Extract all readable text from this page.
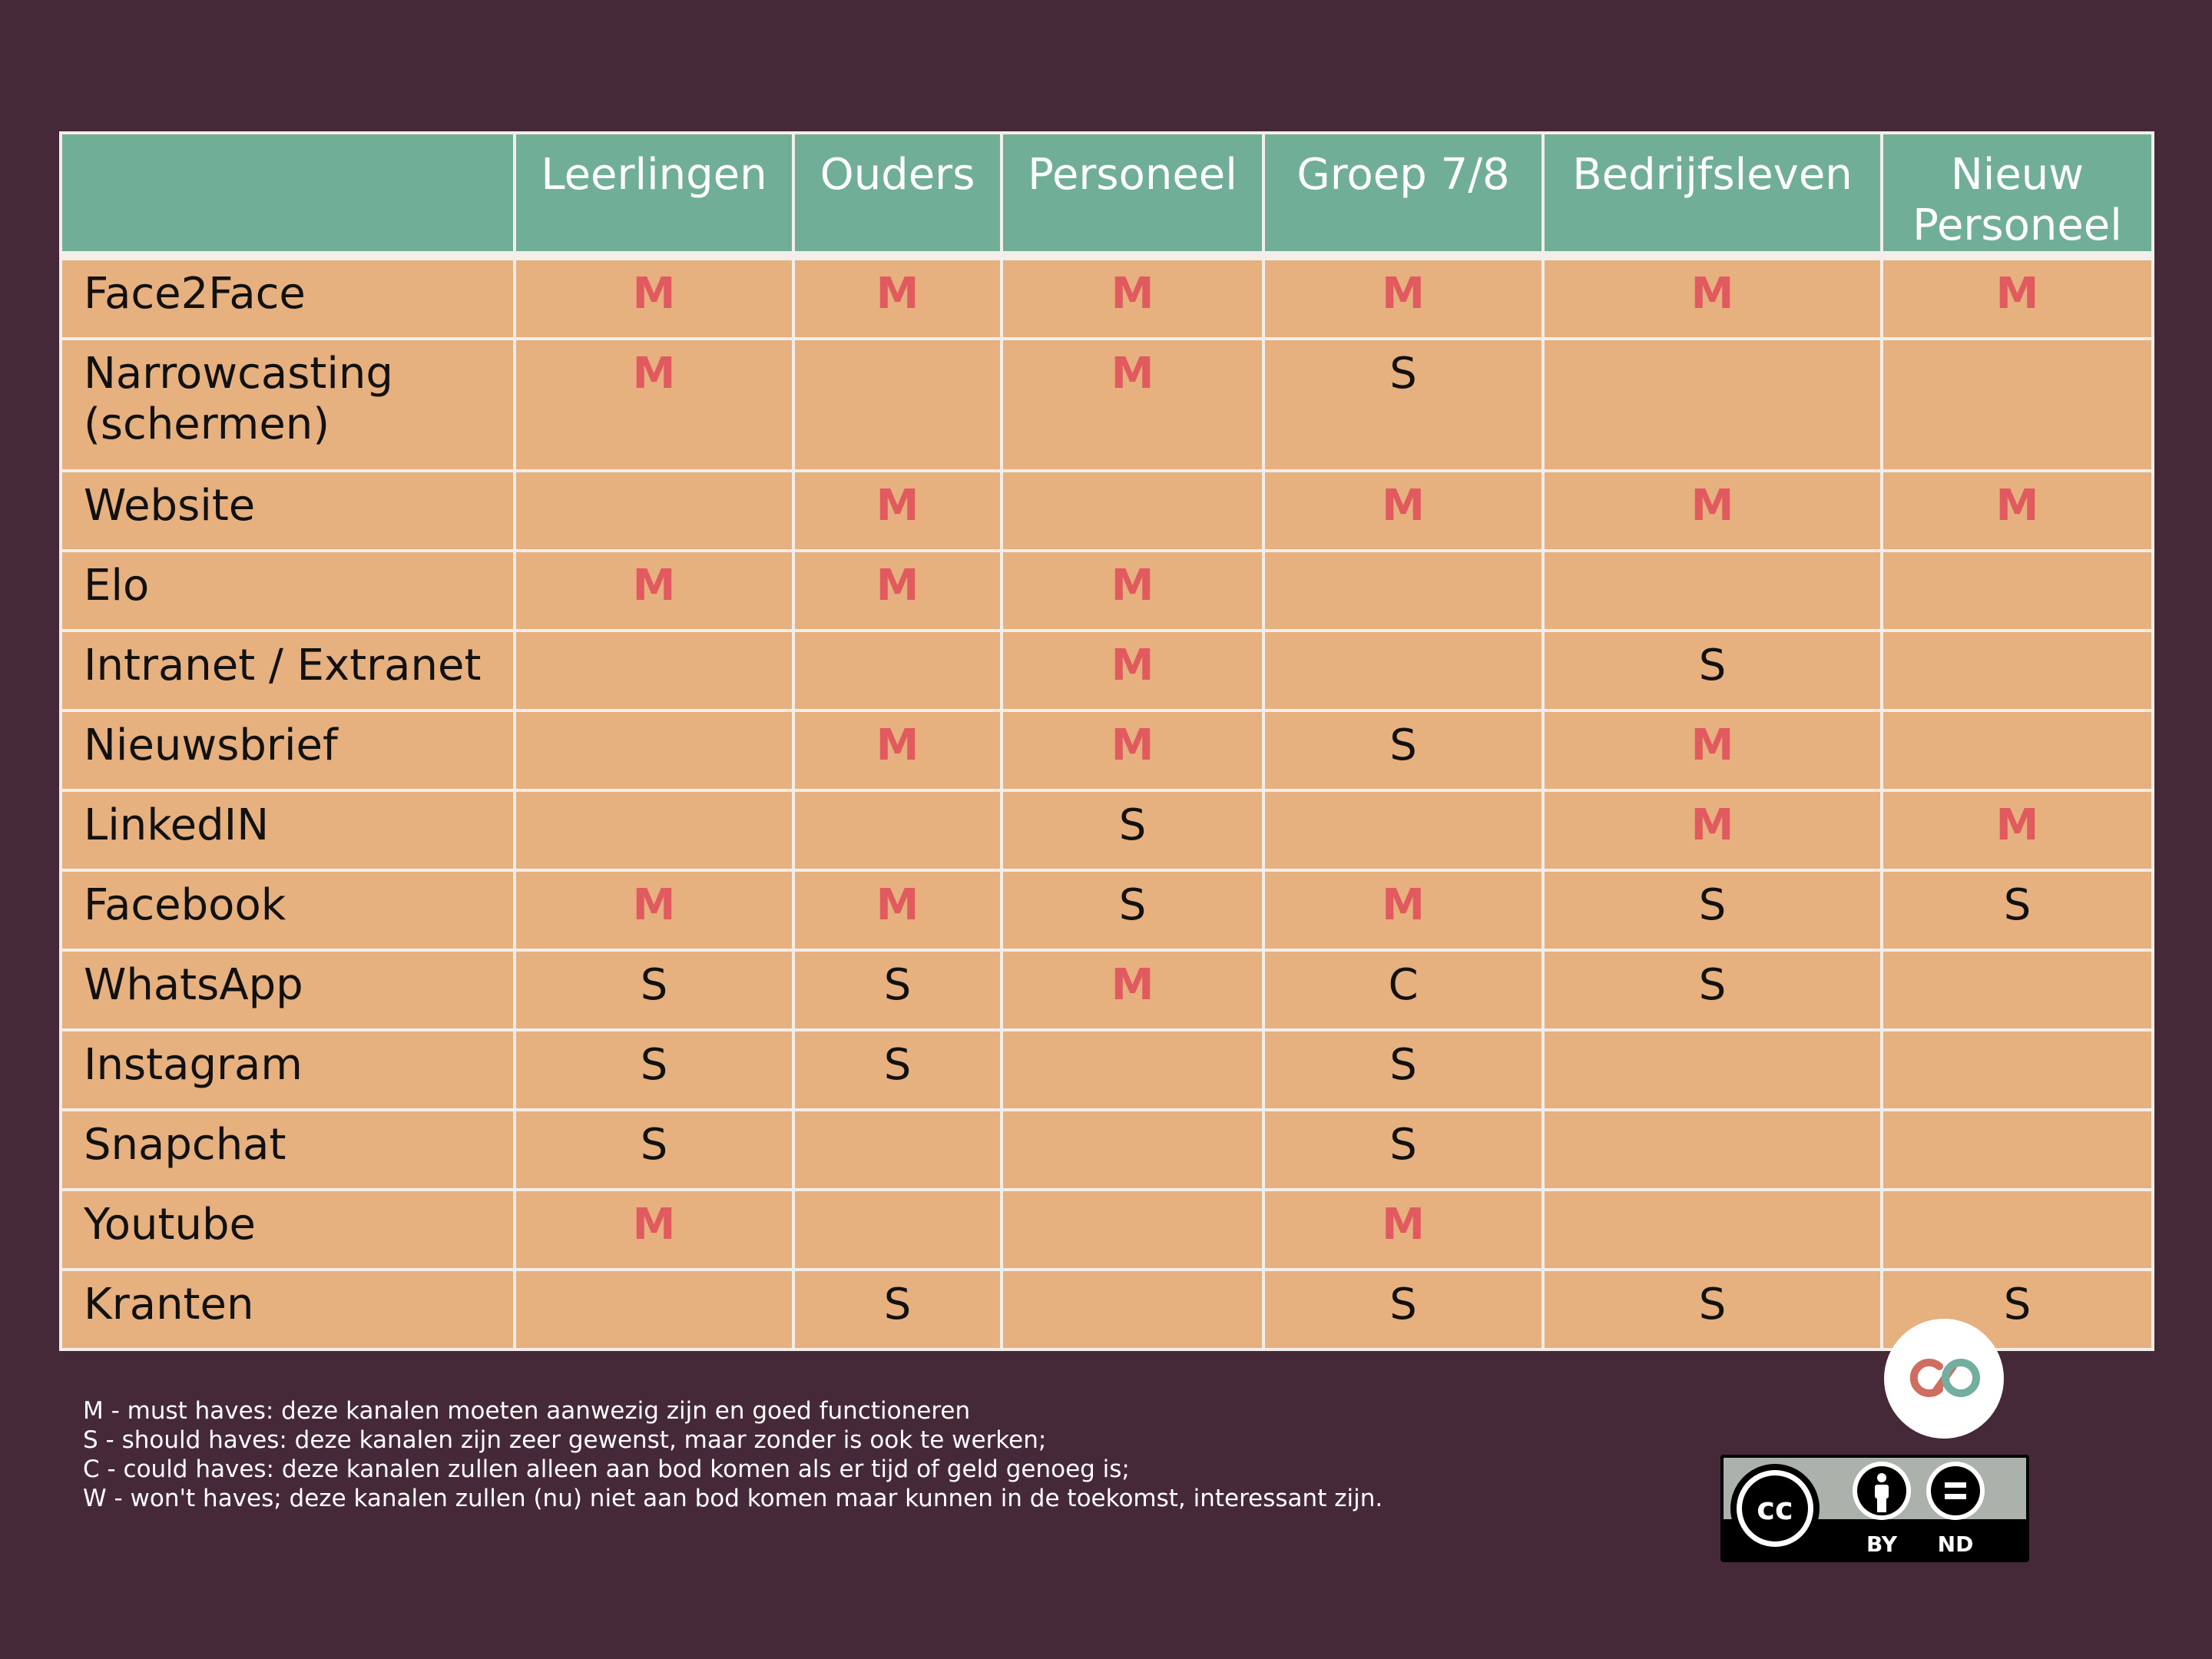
	Leerlingen	Ouders	Personeel	Groep 7/8	Bedrijfsleven	Nieuw Personeel
Face2Face	M	M	M	M	M	M
Narrowcasting (schermen)	M		M	S		
Website		M		M	M	M
Elo	M	M	M			
Intranet / Extranet			M		S	
Nieuwsbrief		M	M	S	M	
LinkedIN			S		M	M
Facebook	M	M	S	M	S	S
WhatsApp	S	S	M	C	S	
Instagram	S	S		S		
Snapchat	S			S		
Youtube	M			M		
Kranten		S		S	S	S
M - must haves: deze kanalen moeten aanwezig zijn en goed functioneren
S - should haves: deze kanalen zijn zeer gewenst, maar zonder is ook te werken;
C - could haves: deze kanalen zullen alleen aan bod komen als er tijd of geld genoeg is;
W - won't haves; deze kanalen zullen (nu) niet aan bod komen maar kunnen in de toekomst, interessant zijn.	cc
BY ND
